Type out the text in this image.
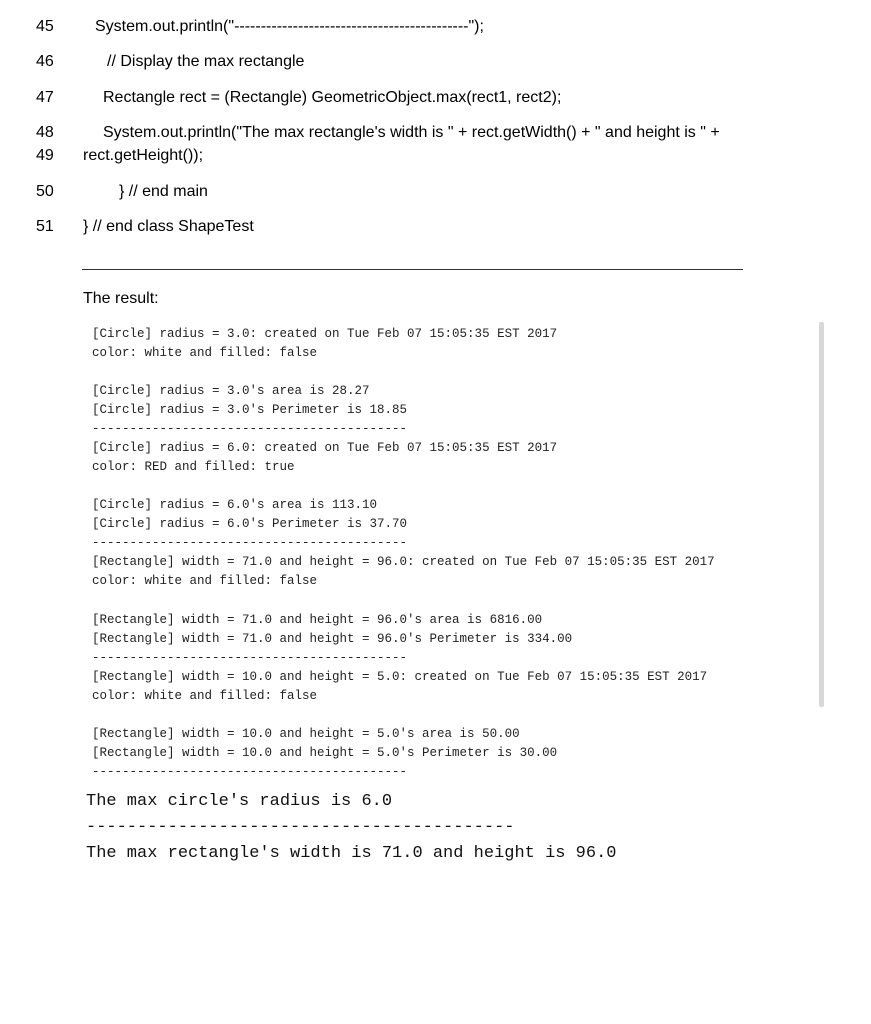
45	System.out.println("--------------------------------------------");
46	// Display the max rectangle
47	Rectangle rect = (Rectangle) GeometricObject.max(rect1, rect2);
48	System.out.println("The max rectangle's width is " + rect.getWidth() + " and height is " +
49	rect.getHeight());
50	} // end main
51	} // end class ShapeTest
The result:
[Circle] radius = 3.0: created on Tue Feb 07 15:05:35 EST 2017
color: white and filled: false
[Circle] radius = 3.0's area is 28.27
[Circle] radius = 3.0's Perimeter is 18.85
------------------------------------------
[Circle] radius = 6.0: created on Tue Feb 07 15:05:35 EST 2017
color: RED and filled: true
[Circle] radius = 6.0's area is 113.10
[Circle] radius = 6.0's Perimeter is 37.70
------------------------------------------
[Rectangle] width = 71.0 and height = 96.0: created on Tue Feb 07 15:05:35 EST 2017
color: white and filled: false
[Rectangle] width = 71.0 and height = 96.0's area is 6816.00
[Rectangle] width = 71.0 and height = 96.0's Perimeter is 334.00
------------------------------------------
[Rectangle] width = 10.0 and height = 5.0: created on Tue Feb 07 15:05:35 EST 2017
color: white and filled: false
[Rectangle] width = 10.0 and height = 5.0's area is 50.00
[Rectangle] width = 10.0 and height = 5.0's Perimeter is 30.00
------------------------------------------
The max circle's radius is 6.0
------------------------------------------
The max rectangle's width is 71.0 and height is 96.0
